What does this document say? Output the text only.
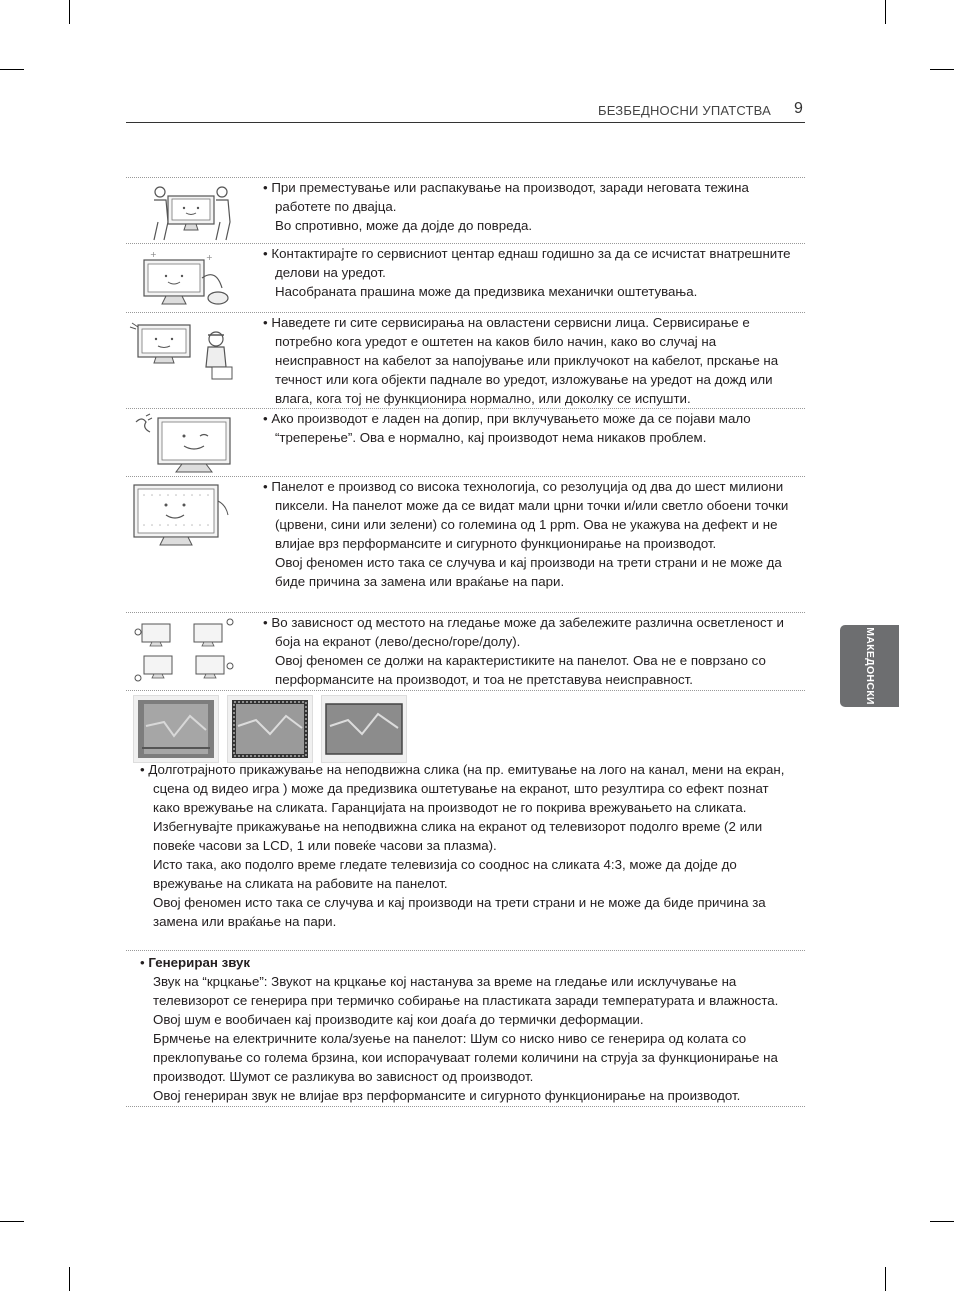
БЕЗБЕДНОСНИ УПАТСТВА 9
МАКЕДОНСКИ

• При преместување или распакување на производот, заради неговата тежина работете по двајца.

Во спротивно, може да дојде до повреда.

+	+

•	Контактирајте го сервисниот центар еднаш годишно за да се исчистат внатрешните делови на уредот.

Насобраната прашина може да предизвика механички оштетувања.

• Наведете ги сите сервисирања на овластени сервисни лица. Сервисирање е потребно кога уредот е оштетен на каков било начин, како во случај на неисправност на кабелот за напојување или приклучокот на кабелот, прскање на течност или кога објекти паднале во уредот, изложување на уредот на дожд или влага, кога тој не функционира нормално, или доколку се испушти.

• Ако производот е ладен на допир, при вклучувањето може да се појави мало “треперење”. Ова е нормално, кај производот нема никаков проблем.

• Панелот е производ со висока технологија, со резолуција од два до шест милиони пиксели. На панелот може да се видат мали црни точки и/или светло обоени точки (црвени, сини или зелени) со големина од 1 ppm. Ова не укажува на дефект и не влијае врз перформансите и сигурното функционирање на производот.

Овој феномен исто така се случува и кај производи на трети страни и не може да биде причина за замена или враќање на пари.

• Во зависност од местото на гледање може да забележите различна осветленост и боја на екранот (лево/десно/горе/долу).

Овој феномен се должи на карактеристиките на панелот. Ова не е поврзано со перформансите на производот, и тоа не претставува неисправност.

• Долготрајното прикажување на неподвижна слика (на пр. емитување на лого на канал, мени на екран, сцена од видео игра ) може да предизвика оштетување на екранот, што резултира со ефект познат како врежување на сликата. Гаранцијата на производот не го покрива врежувањето на сликата.

Избегнувајте прикажување на неподвижна слика на екранот од телевизорот подолго време (2 или повеќе часови за LCD, 1 или повеќе часови за плазма).

Исто така, ако подолго време гледате телевизија со сооднос на сликата 4:3, може да дојде до врежување на сликата на рабовите на панелот.

Овој феномен исто така се случува и кај производи на трети страни и не може да биде причина за замена или враќање на пари.

• Генериран звук

Звук на “крцкање”: Звукот на крцкање кој настанува за време на гледање или исклучување на телевизорот се генерира при термичко собирање на пластиката заради температурата и влажноста. Овој шум е вообичаен кај производите кај кои доаѓа до термички деформации.

Брмчење на електричните кола/зуење на панелот: Шум со ниско ниво се генерира од колата со преклопување со голема брзина, кои испорачуваат големи количини на струја за функционирање на производот. Шумот се разликува во зависност од производот.

Овој генериран звук не влијае врз перформансите и сигурното функционирање на производот.
